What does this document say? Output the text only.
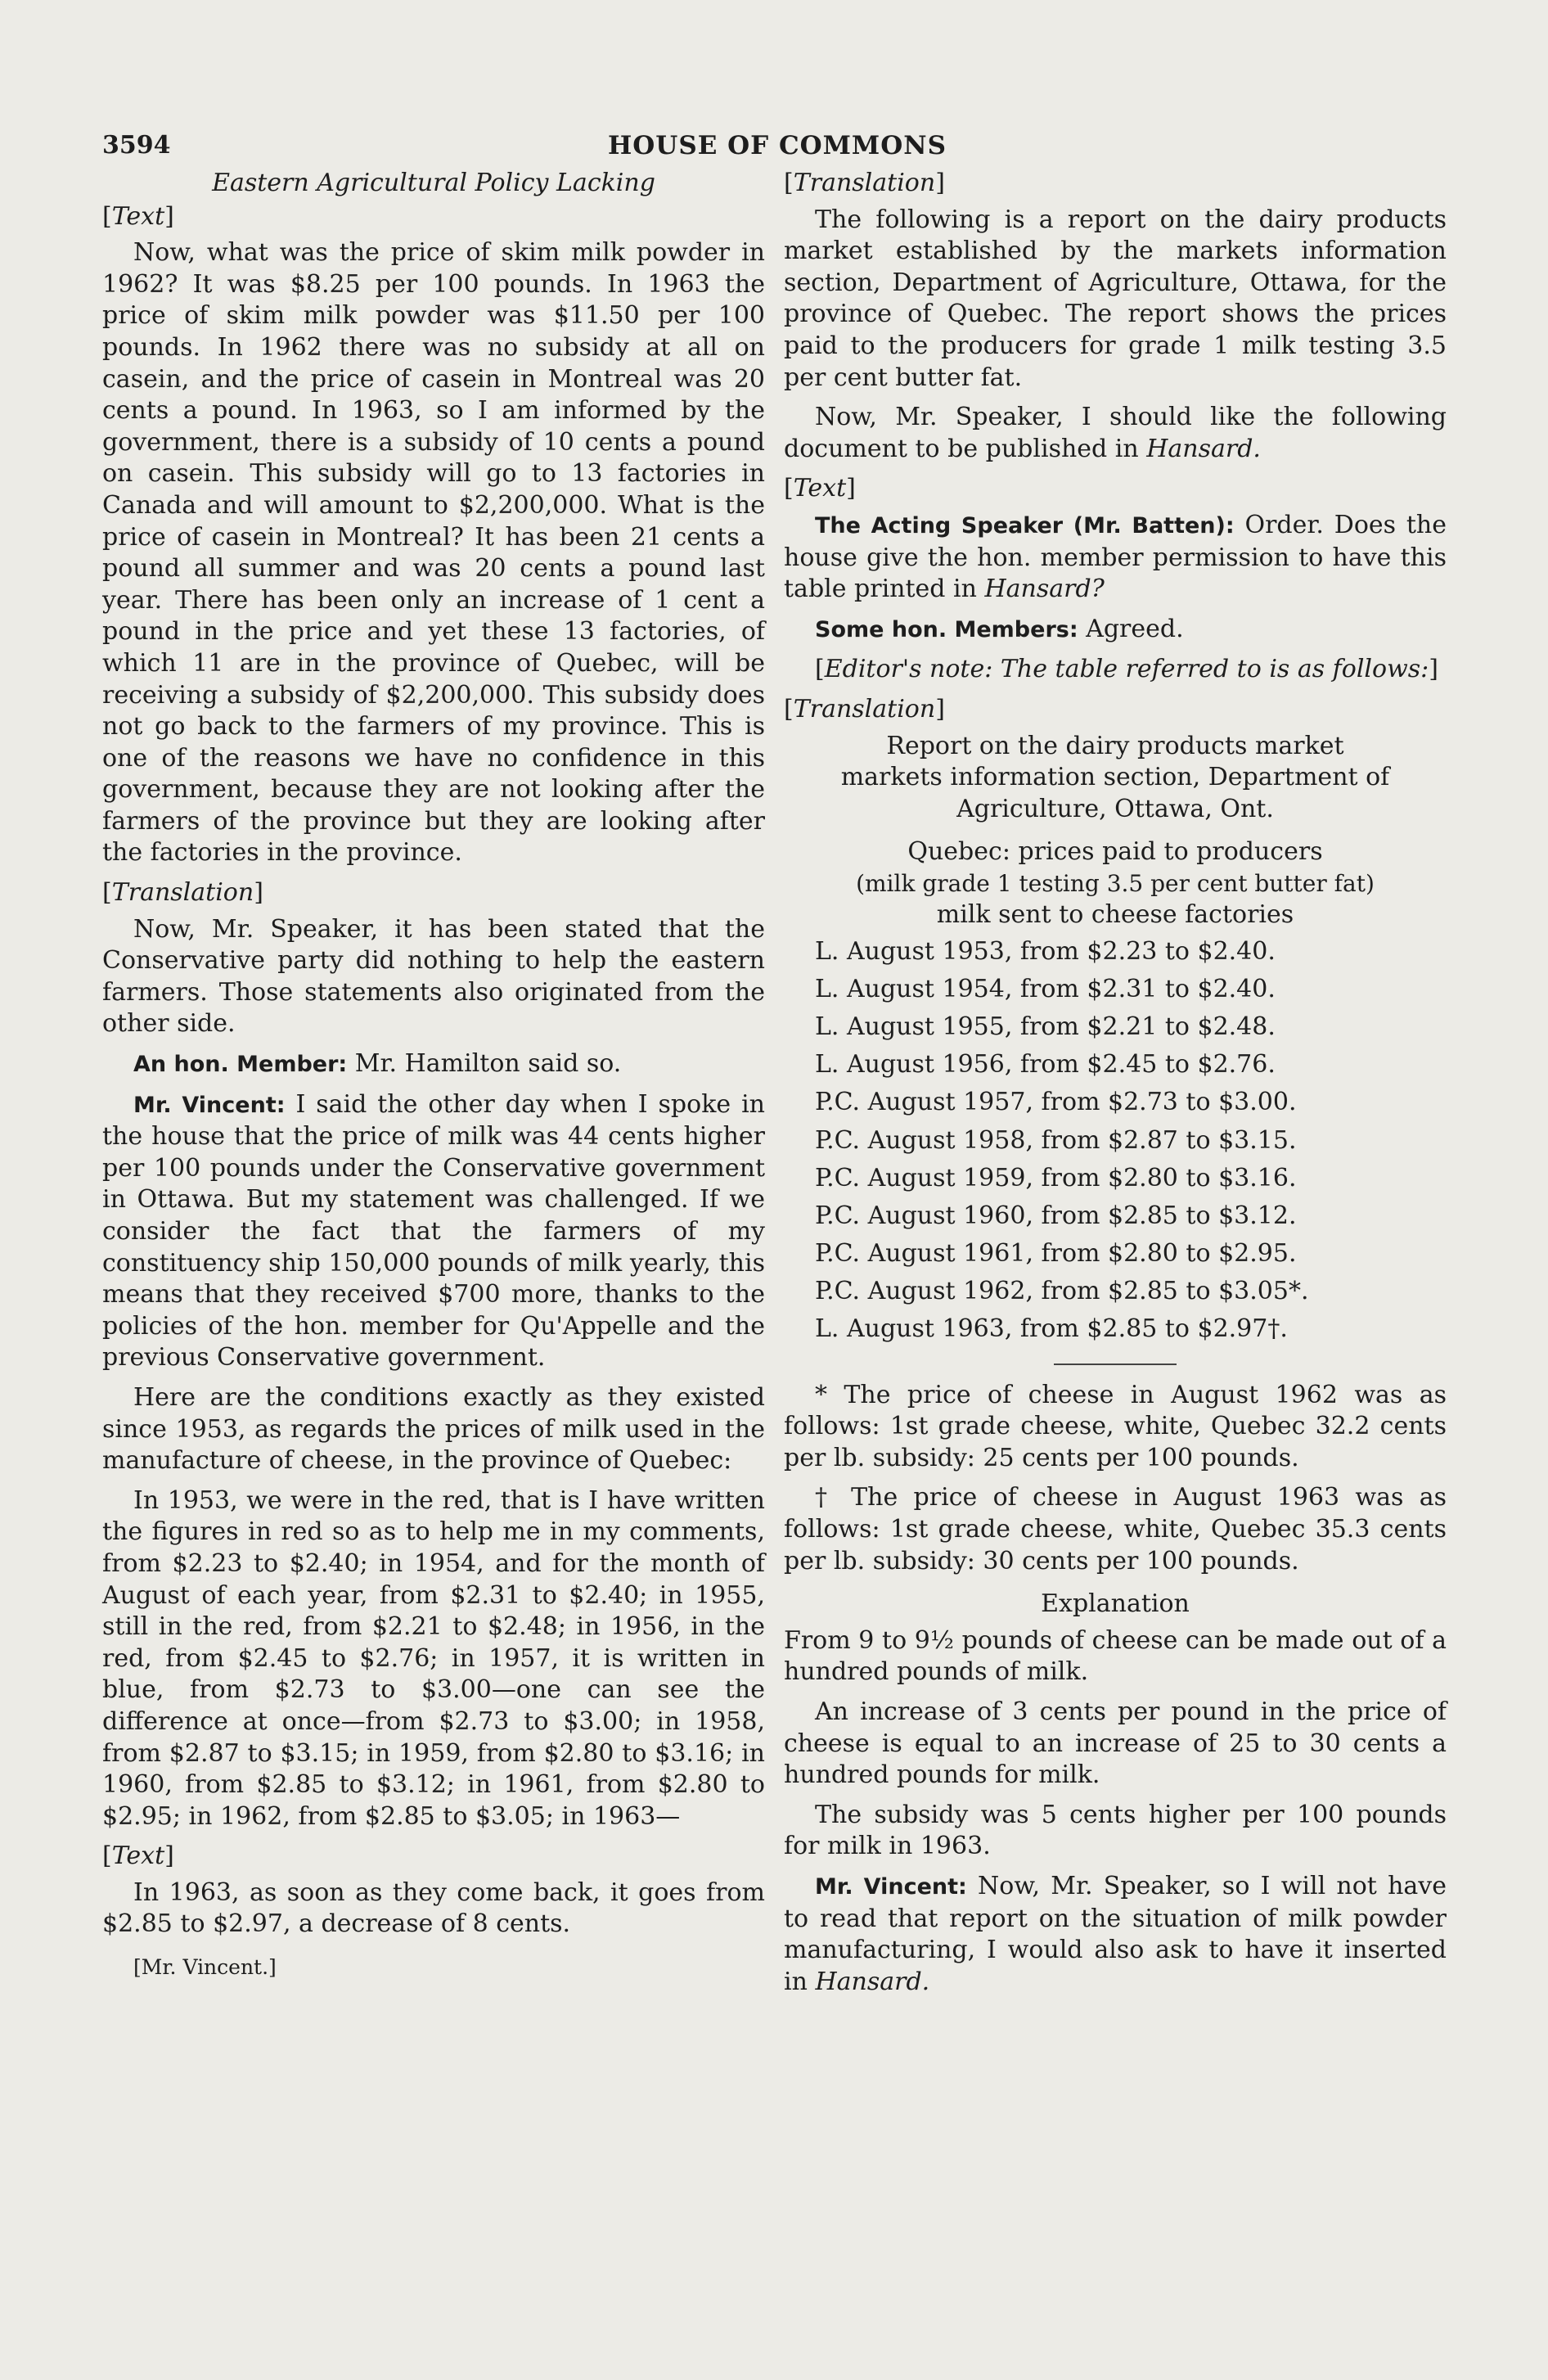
3594	HOUSE OF COMMONS
Eastern Agricultural Policy Lacking
[Text]

Now, what was the price of skim milk powder in 1962? It was $8.25 per 100 pounds. In 1963 the price of skim milk powder was $11.50 per 100 pounds. In 1962 there was no subsidy at all on casein, and the price of casein in Montreal was 20 cents a pound. In 1963, so I am informed by the government, there is a subsidy of 10 cents a pound on casein. This subsidy will go to 13 factories in Canada and will amount to $2,200,000. What is the price of casein in Montreal? It has been 21 cents a pound all summer and was 20 cents a pound last year. There has been only an increase of 1 cent a pound in the price and yet these 13 factories, of which 11 are in the province of Quebec, will be receiving a subsidy of $2,200,000. This subsidy does not go back to the farmers of my province. This is one of the reasons we have no confidence in this government, because they are not looking after the farmers of the province but they are looking after the factories in the province.

[Translation]

Now, Mr. Speaker, it has been stated that the Conservative party did nothing to help the eastern farmers. Those statements also originated from the other side.

An hon. Member: Mr. Hamilton said so.

Mr. Vincent: I said the other day when I spoke in the house that the price of milk was 44 cents higher per 100 pounds under the Conservative government in Ottawa. But my statement was challenged. If we consider the fact that the farmers of my constituency ship 150,000 pounds of milk yearly, this means that they received $700 more, thanks to the policies of the hon. member for Qu'Appelle and the previous Conservative government.

Here are the conditions exactly as they existed since 1953, as regards the prices of milk used in the manufacture of cheese, in the province of Quebec:

In 1953, we were in the red, that is I have written the figures in red so as to help me in my comments, from $2.23 to $2.40; in 1954, and for the month of August of each year, from $2.31 to $2.40; in 1955, still in the red, from $2.21 to $2.48; in 1956, in the red, from $2.45 to $2.76; in 1957, it is written in blue, from $2.73 to $3.00—one can see the difference at once—from $2.73 to $3.00; in 1958, from $2.87 to $3.15; in 1959, from $2.80 to $3.16; in 1960, from $2.85 to $3.12; in 1961, from $2.80 to $2.95; in 1962, from $2.85 to $3.05; in 1963—

[Text]

In 1963, as soon as they come back, it goes from $2.85 to $2.97, a decrease of 8 cents.

[Mr. Vincent.]
[Translation]

The following is a report on the dairy products market established by the markets information section, Department of Agriculture, Ottawa, for the province of Quebec. The report shows the prices paid to the producers for grade 1 milk testing 3.5 per cent butter fat.

Now, Mr. Speaker, I should like the following document to be published in Hansard.

[Text]

The Acting Speaker (Mr. Batten): Order. Does the house give the hon. member permission to have this table printed in Hansard?

Some hon. Members: Agreed.

[Editor's note: The table referred to is as follows:]

[Translation]
Report on the dairy products market
markets information section, Department of
Agriculture, Ottawa, Ont.
Quebec: prices paid to producers
(milk grade 1 testing 3.5 per cent butter fat)
milk sent to cheese factories
L. August 1953, from $2.23 to $2.40.
L. August 1954, from $2.31 to $2.40.
L. August 1955, from $2.21 to $2.48.
L. August 1956, from $2.45 to $2.76.
P.C. August 1957, from $2.73 to $3.00.
P.C. August 1958, from $2.87 to $3.15.
P.C. August 1959, from $2.80 to $3.16.
P.C. August 1960, from $2.85 to $3.12.
P.C. August 1961, from $2.80 to $2.95.
P.C. August 1962, from $2.85 to $3.05*.
L. August 1963, from $2.85 to $2.97†.

* The price of cheese in August 1962 was as follows: 1st grade cheese, white, Quebec 32.2 cents per lb. subsidy: 25 cents per 100 pounds.

† The price of cheese in August 1963 was as follows: 1st grade cheese, white, Quebec 35.3 cents per lb. subsidy: 30 cents per 100 pounds.

Explanation

From 9 to 9½ pounds of cheese can be made out of a hundred pounds of milk.

An increase of 3 cents per pound in the price of cheese is equal to an increase of 25 to 30 cents a hundred pounds for milk.

The subsidy was 5 cents higher per 100 pounds for milk in 1963.

Mr. Vincent: Now, Mr. Speaker, so I will not have to read that report on the situation of milk powder manufacturing, I would also ask to have it inserted in Hansard.
